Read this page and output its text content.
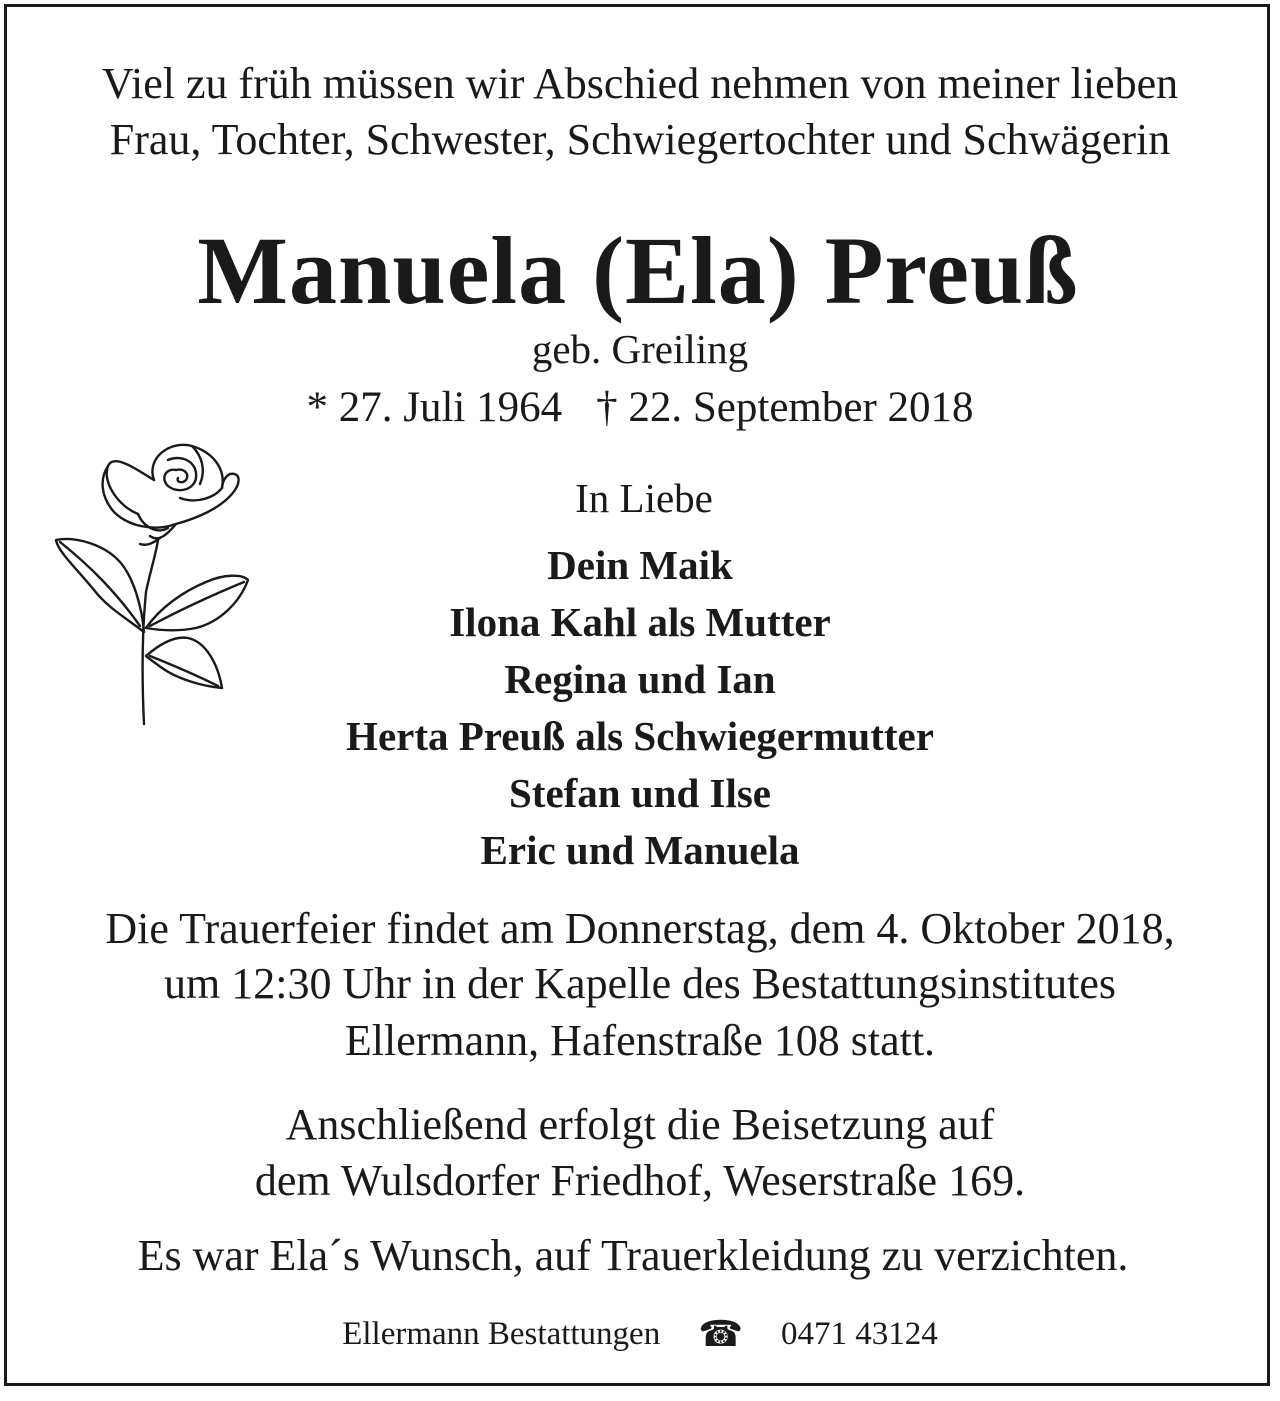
Viel zu früh müssen wir Abschied nehmen von meiner lieben
Frau, Tochter, Schwester, Schwiegertochter und Schwägerin
Manuela (Ela) Preuß
geb. Greiling
* 27. Juli 1964 † 22. September 2018
In Liebe
Dein Maik
Ilona Kahl als Mutter
Regina und Ian
Herta Preuß als Schwiegermutter
Stefan und Ilse
Eric und Manuela
Die Trauerfeier findet am Donnerstag, dem 4. Oktober 2018,
um 12:30 Uhr in der Kapelle des Bestattungsinstitutes
Ellermann, Hafenstraße 108 statt.
Anschließend erfolgt die Beisetzung auf
dem Wulsdorfer Friedhof, Weserstraße 169.
Es war Ela´s Wunsch, auf Trauerkleidung zu verzichten.
Ellermann Bestattungen ☎ 0471 43124
